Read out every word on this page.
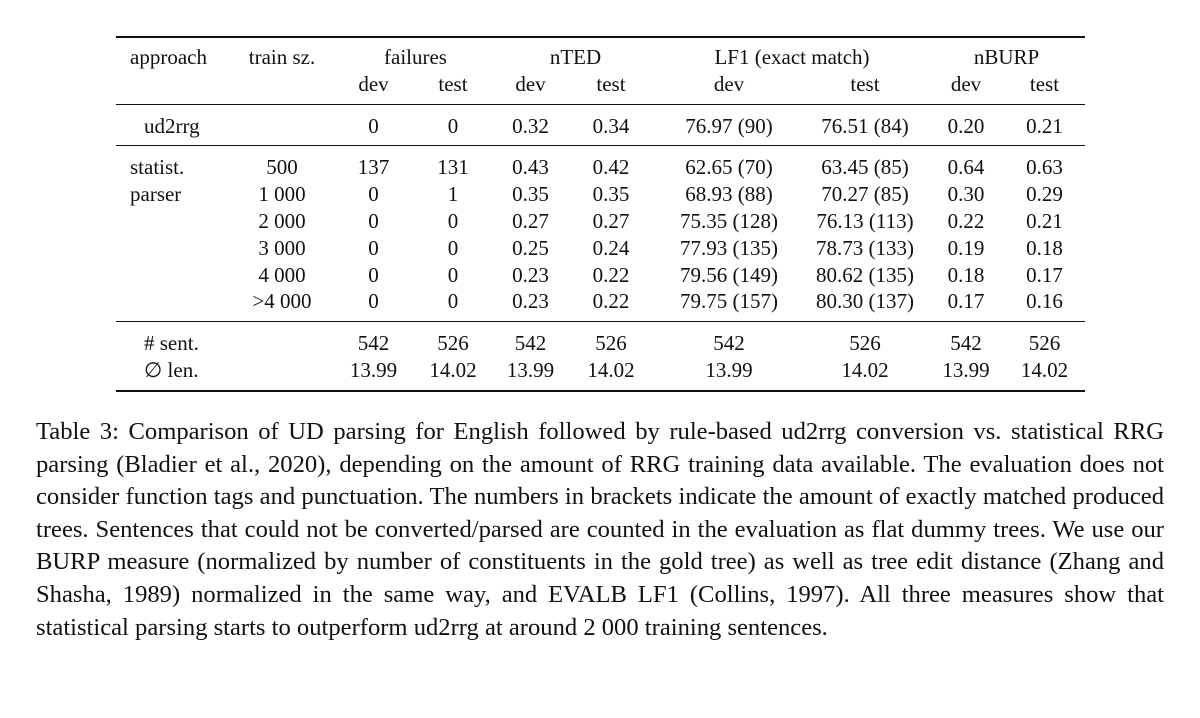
approach	train sz.	failures		nTED		LF1 (exact match)		nBURP	
		dev	test	dev	test	dev	test	dev	test
ud2rrg		0	0	0.32	0.34	76.97 (90)	76.51 (84)	0.20	0.21
statist.	500	137	131	0.43	0.42	62.65 (70)	63.45 (85)	0.64	0.63
parser	1 000	0	1	0.35	0.35	68.93 (88)	70.27 (85)	0.30	0.29
	2 000	0	0	0.27	0.27	75.35 (128)	76.13 (113)	0.22	0.21
	3 000	0	0	0.25	0.24	77.93 (135)	78.73 (133)	0.19	0.18
	4 000	0	0	0.23	0.22	79.56 (149)	80.62 (135)	0.18	0.17
	>4 000	0	0	0.23	0.22	79.75 (157)	80.30 (137)	0.17	0.16
# sent.		542	526	542	526	542	526	542	526
∅ len.		13.99	14.02	13.99	14.02	13.99	14.02	13.99	14.02
Table 3: Comparison of UD parsing for English followed by rule-based ud2rrg conversion vs. statistical RRG parsing (Bladier et al., 2020), depending on the amount of RRG training data available. The evaluation does not consider function tags and punctuation. The numbers in brackets indicate the amount of exactly matched produced trees. Sentences that could not be converted/parsed are counted in the evaluation as flat dummy trees. We use our BURP measure (normalized by number of constituents in the gold tree) as well as tree edit distance (Zhang and Shasha, 1989) normalized in the same way, and EVALB LF1 (Collins, 1997). All three measures show that statistical parsing starts to outperform ud2rrg at around 2 000 training sentences.
